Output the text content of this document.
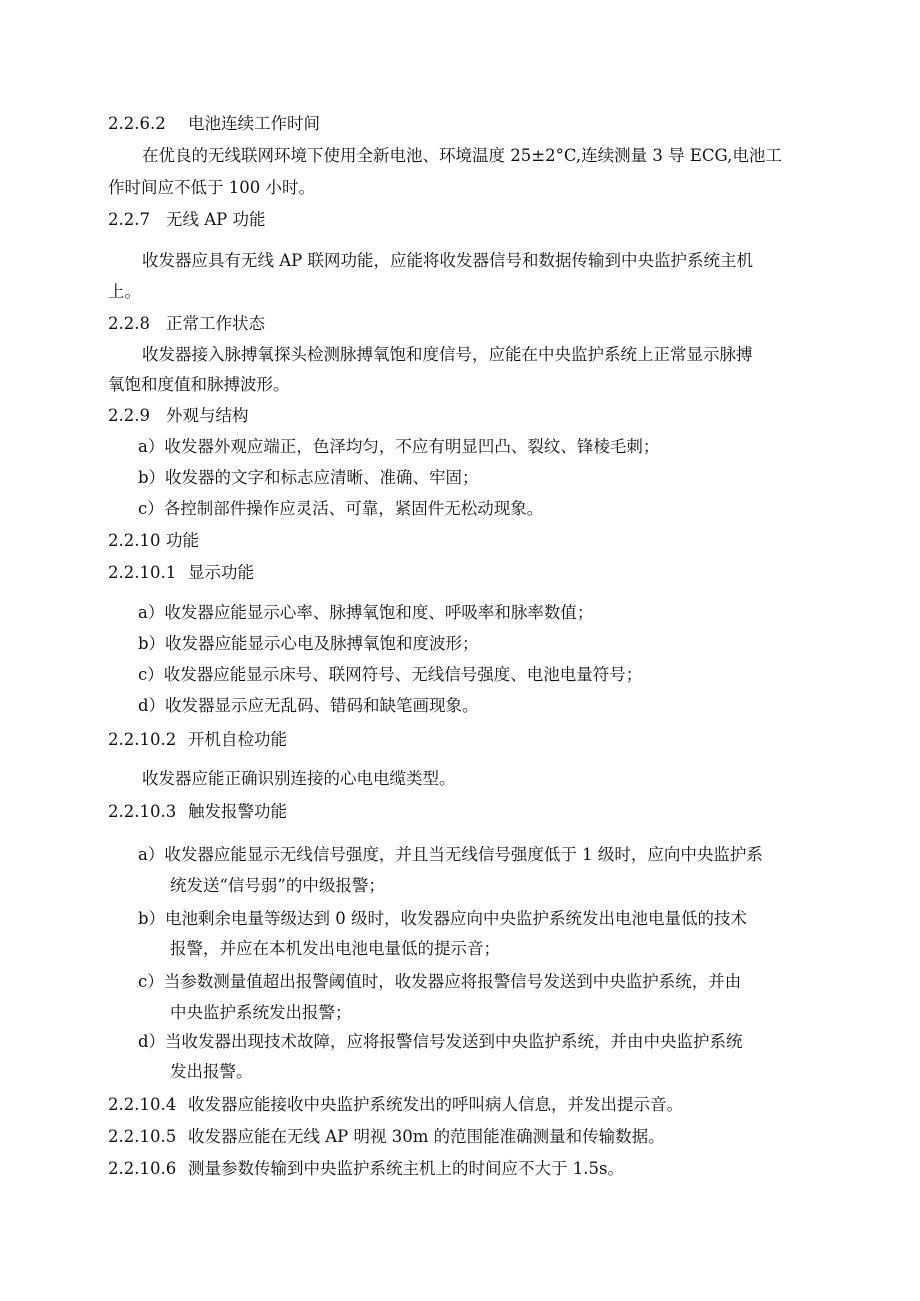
2.2.6.2 电池连续工作时间
在优良的无线联网环境下使用全新电池、环境温度 25±2°C,连续测量 3 导 ECG,电池工
作时间应不低于 100 小时。
2.2.7 无线 AP 功能
收发器应具有无线 AP 联网功能，应能将收发器信号和数据传输到中央监护系统主机
上。
2.2.8 正常工作状态
收发器接入脉搏氧探头检测脉搏氧饱和度信号，应能在中央监护系统上正常显示脉搏
氧饱和度值和脉搏波形。
2.2.9 外观与结构
a）收发器外观应端正，色泽均匀，不应有明显凹凸、裂纹、锋棱毛刺；
b）收发器的文字和标志应清晰、准确、牢固；
c）各控制部件操作应灵活、可靠，紧固件无松动现象。
2.2.10 功能
2.2.10.1 显示功能
a）收发器应能显示心率、脉搏氧饱和度、呼吸率和脉率数值；
b）收发器应能显示心电及脉搏氧饱和度波形；
c）收发器应能显示床号、联网符号、无线信号强度、电池电量符号；
d）收发器显示应无乱码、错码和缺笔画现象。
2.2.10.2 开机自检功能
收发器应能正确识别连接的心电电缆类型。
2.2.10.3 触发报警功能
a）收发器应能显示无线信号强度，并且当无线信号强度低于 1 级时，应向中央监护系
统发送“信号弱”的中级报警；
b）电池剩余电量等级达到 0 级时，收发器应向中央监护系统发出电池电量低的技术
报警，并应在本机发出电池电量低的提示音；
c）当参数测量值超出报警阈值时，收发器应将报警信号发送到中央监护系统，并由
中央监护系统发出报警；
d）当收发器出现技术故障，应将报警信号发送到中央监护系统，并由中央监护系统
发出报警。
2.2.10.4 收发器应能接收中央监护系统发出的呼叫病人信息，并发出提示音。
2.2.10.5 收发器应能在无线 AP 明视 30m 的范围能准确测量和传输数据。
2.2.10.6 测量参数传输到中央监护系统主机上的时间应不大于 1.5s。
